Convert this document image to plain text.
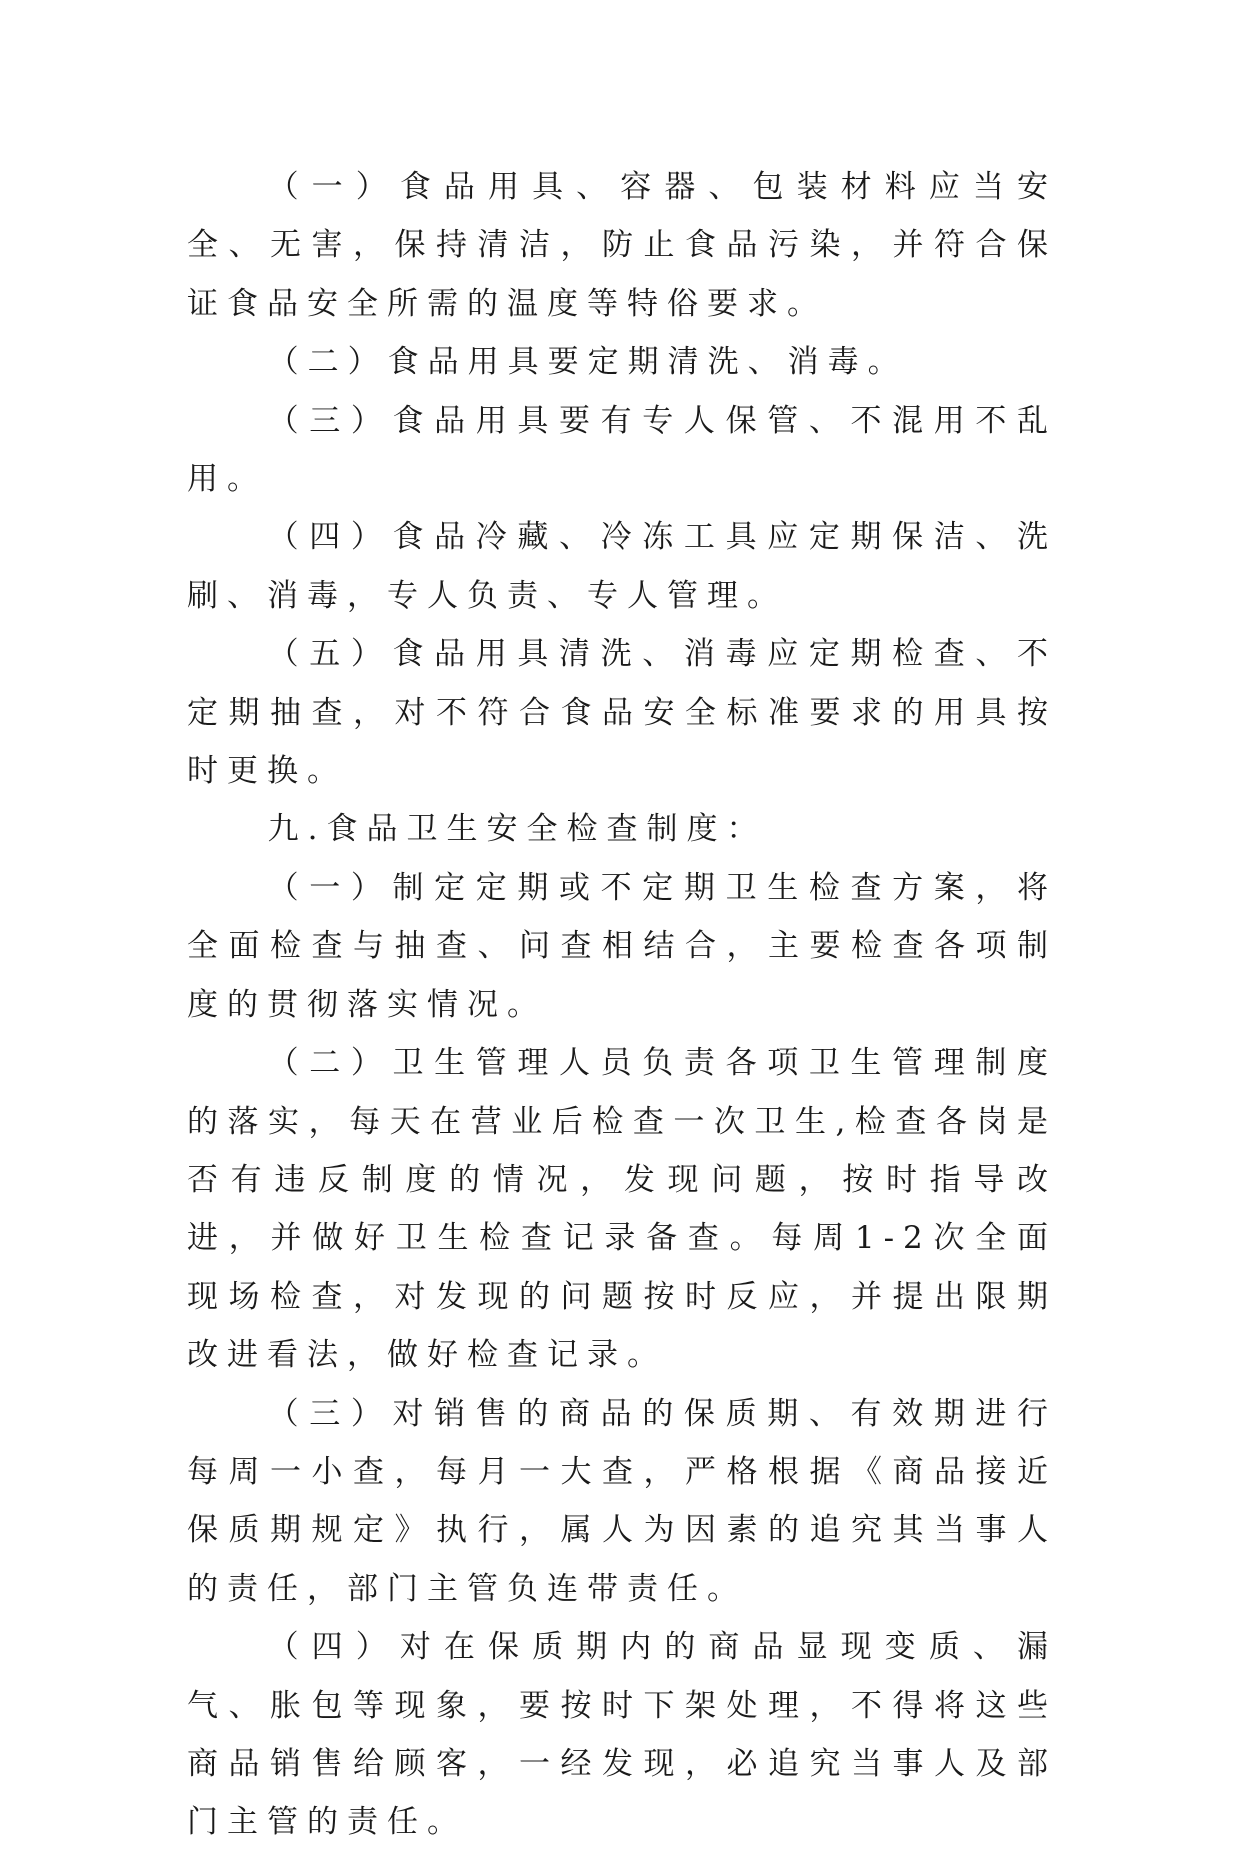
（一）食品用具、容器、包装材料应当安全、无害，保持清洁，防止食品污染，并符合保证食品安全所需的温度等特俗要求。

（二）食品用具要定期清洗、消毒。

（三）食品用具要有专人保管、不混用不乱用。

（四）食品冷藏、冷冻工具应定期保洁、洗刷、消毒，专人负责、专人管理。

（五）食品用具清洗、消毒应定期检查、不定期抽查，对不符合食品安全标准要求的用具按时更换。

九.食品卫生安全检查制度：

（一）制定定期或不定期卫生检查方案，将全面检查与抽查、问查相结合，主要检查各项制度的贯彻落实情况。

（二）卫生管理人员负责各项卫生管理制度的落实，每天在营业后检查一次卫生,检查各岗是否有违反制度的情况，发现问题，按时指导改进，并做好卫生检查记录备查。每周1-2次全面现场检查，对发现的问题按时反应，并提出限期改进看法，做好检查记录。

（三）对销售的商品的保质期、有效期进行每周一小查，每月一大查，严格根据《商品接近保质期规定》执行，属人为因素的追究其当事人的责任，部门主管负连带责任。

（四）对在保质期内的商品显现变质、漏气、胀包等现象，要按时下架处理，不得将这些商品销售给顾客，一经发现，必追究当事人及部门主管的责任。
